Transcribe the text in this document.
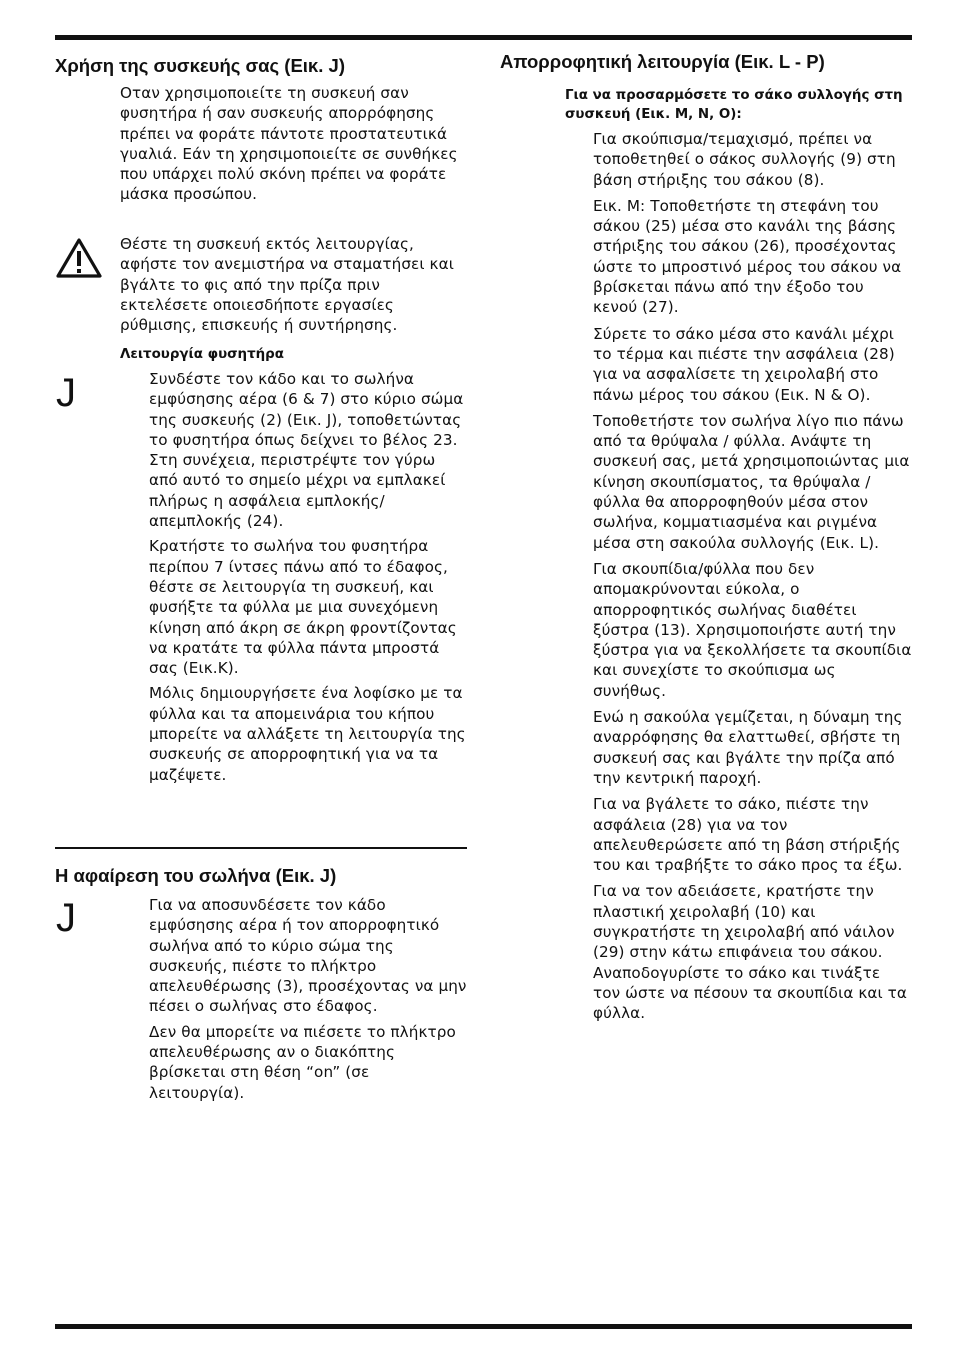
Χρήση της συσκευής σας (Εικ. J)

Οταν χρησιμοποιείτε τη συσκευή σαν φυσητήρα ή σαν συσκευής απορρόφησης πρέπει να φοράτε πάντοτε προστατευτικά γυαλιά. Εάν τη χρησιμοποιείτε σε συνθήκες που υπάρχει πολύ σκόνη πρέπει να φοράτε μάσκα προσώπου.

Θέστε τη συσκευή εκτός λειτουργίας, αφήστε τον ανεμιστήρα να σταματήσει και βγάλτε το φις από την πρίζα πριν εκτελέσετε οποιεσδήποτε εργασίες ρύθμισης, επισκευής ή συντήρησης.

Λειτουργία φυσητήρα
J	Συνδέστε τον κάδο και το σωλήνα εμφύσησης αέρα (6 & 7) στο κύριο σώμα της συσκευής (2) (Εικ. J), τοποθετώντας το φυσητήρα όπως δείχνει το βέλος 23. Στη συνέχεια, περιστρέψτε τον γύρω από αυτό το σημείο μέχρι να εμπλακεί πλήρως η ασφάλεια εμπλοκής/απεμπλοκής (24).

Κρατήστε το σωλήνα του φυσητήρα περίπου 7 ίντσες πάνω από το έδαφος, θέστε σε λειτουργία τη συσκευή, και φυσήξτε τα φύλλα με μια συνεχόμενη κίνηση από άκρη σε άκρη φροντίζοντας να κρατάτε τα φύλλα πάντα μπροστά σας (Εικ.K).

Μόλις δημιουργήσετε ένα λοφίσκο με τα φύλλα και τα απομεινάρια του κήπου μπορείτε να αλλάξετε τη λειτουργία της συσκευής σε απορροφητική για να τα μαζέψετε.

Η αφαίρεση του σωλήνα (Εικ. J)
J	Για να αποσυνδέσετε τον κάδο εμφύσησης αέρα ή τον απορροφητικό σωλήνα από το κύριο σώμα της συσκευής, πιέστε το πλήκτρο απελευθέρωσης (3), προσέχοντας να μην πέσει ο σωλήνας στο έδαφος.

Δεν θα μπορείτε να πιέσετε το πλήκτρο απελευθέρωσης αν ο διακόπτης βρίσκεται στη θέση “on” (σε λειτουργία).

Απορροφητική λειτουργία (Εικ. L - P)
Για να προσαρμόσετε το σάκο συλλογής στη συσκευή (Εικ. M, N, O):

Για σκούπισμα/τεμαχισμό, πρέπει να τοποθετηθεί ο σάκος συλλογής (9) στη βάση στήριξης του σάκου (8).

Εικ. M: Τοποθετήστε τη στεφάνη του σάκου (25) μέσα στο κανάλι της βάσης στήριξης του σάκου (26), προσέχοντας ώστε το μπροστινό μέρος του σάκου να βρίσκεται πάνω από την έξοδο του κενού (27).

Σύρετε το σάκο μέσα στο κανάλι μέχρι το τέρμα και πιέστε την ασφάλεια (28) για να ασφαλίσετε τη χειρολαβή στο πάνω μέρος του σάκου (Εικ. N & O).

Τοποθετήστε τον σωλήνα λίγο πιο πάνω από τα θρύψαλα / φύλλα. Ανάψτε τη συσκευή σας, μετά χρησιμοποιώντας μια κίνηση σκουπίσματος, τα θρύψαλα / φύλλα θα απορροφηθούν μέσα στον σωλήνα, κομματιασμένα και ριγμένα μέσα στη σακούλα συλλογής (Εικ. L).

Για σκουπίδια/φύλλα που δεν απομακρύνονται εύκολα, ο απορροφητικός σωλήνας διαθέτει ξύστρα (13). Χρησιμοποιήστε αυτή την ξύστρα για να ξεκολλήσετε τα σκουπίδια και συνεχίστε το σκούπισμα ως συνήθως.

Ενώ η σακούλα γεμίζεται, η δύναμη της αναρρόφησης θα ελαττωθεί, σβήστε τη συσκευή σας και βγάλτε την πρίζα από την κεντρική παροχή.

Για να βγάλετε το σάκο, πιέστε την ασφάλεια (28) για να τον απελευθερώσετε από τη βάση στήριξής του και τραβήξτε το σάκο προς τα έξω.

Για να τον αδειάσετε, κρατήστε την πλαστική χειρολαβή (10) και συγκρατήστε τη χειρολαβή από νάιλον (29) στην κάτω επιφάνεια του σάκου. Αναποδογυρίστε το σάκο και τινάξτε τον ώστε να πέσουν τα σκουπίδια και τα φύλλα.
